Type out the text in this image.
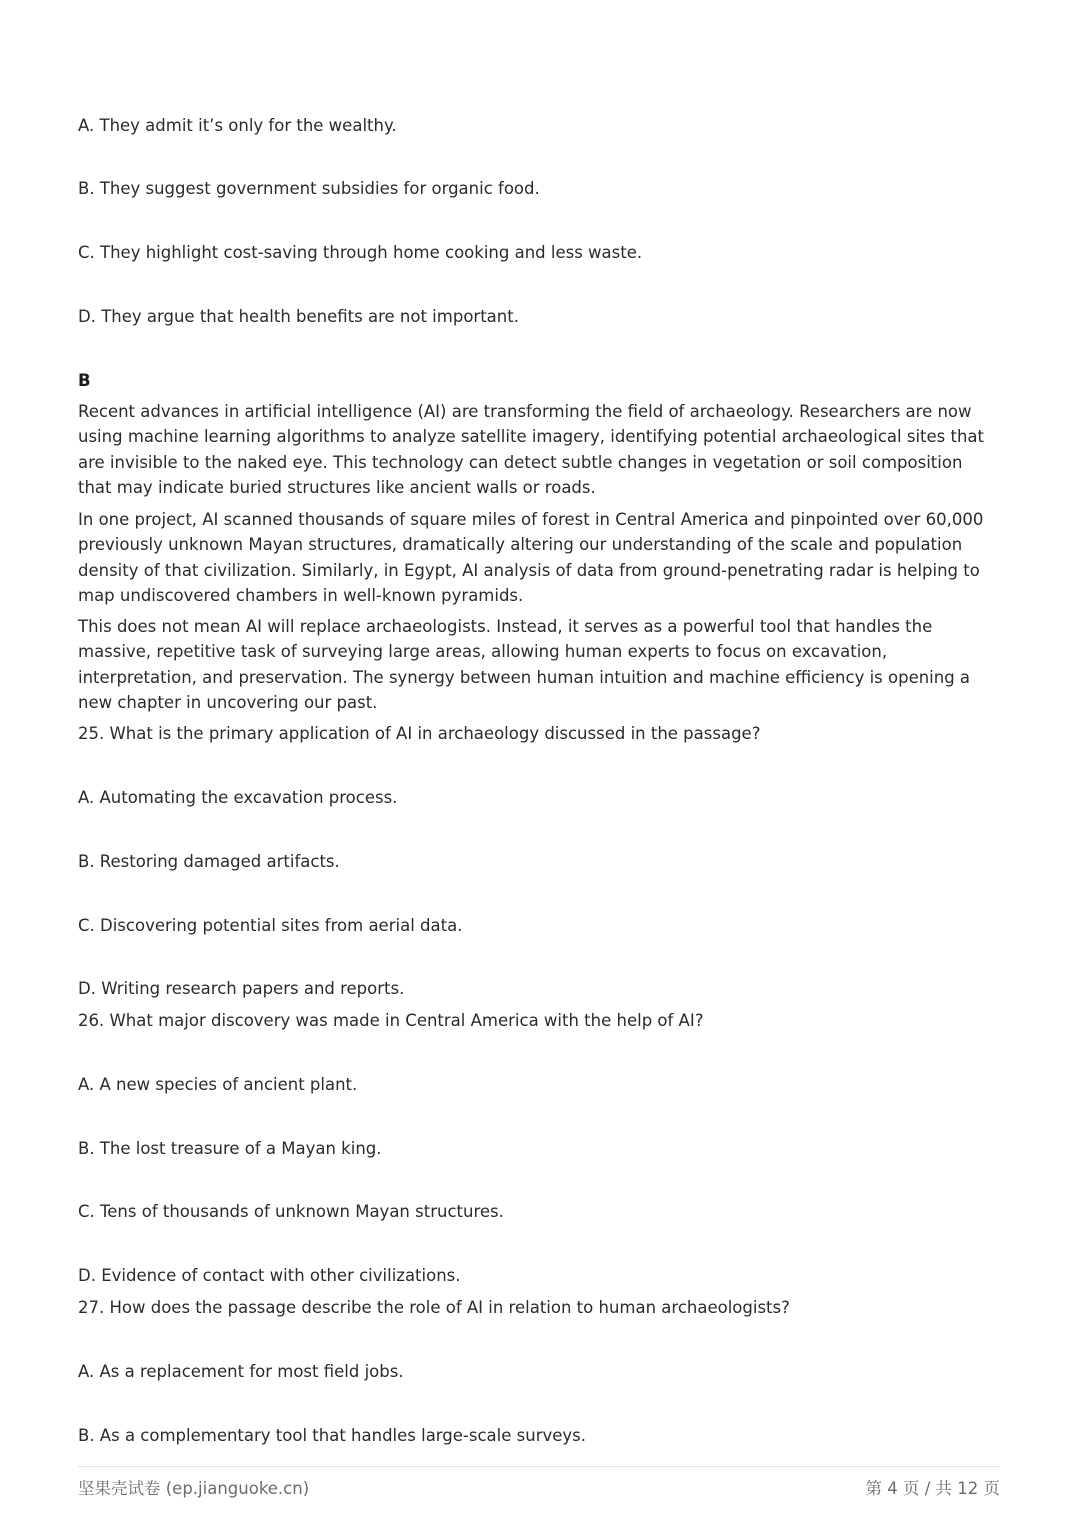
A. They admit it’s only for the wealthy.
B. They suggest government subsidies for organic food.
C. They highlight cost-saving through home cooking and less waste.
D. They argue that health benefits are not important.
B
Recent advances in artificial intelligence (AI) are transforming the field of archaeology. Researchers are now using machine learning algorithms to analyze satellite imagery, identifying potential archaeological sites that are invisible to the naked eye. This technology can detect subtle changes in vegetation or soil composition that may indicate buried structures like ancient walls or roads.
In one project, AI scanned thousands of square miles of forest in Central America and pinpointed over 60,000 previously unknown Mayan structures, dramatically altering our understanding of the scale and population density of that civilization. Similarly, in Egypt, AI analysis of data from ground-penetrating radar is helping to map undiscovered chambers in well-known pyramids.
This does not mean AI will replace archaeologists. Instead, it serves as a powerful tool that handles the massive, repetitive task of surveying large areas, allowing human experts to focus on excavation, interpretation, and preservation. The synergy between human intuition and machine efficiency is opening a new chapter in uncovering our past.
25. What is the primary application of AI in archaeology discussed in the passage?
A. Automating the excavation process.
B. Restoring damaged artifacts.
C. Discovering potential sites from aerial data.
D. Writing research papers and reports.
26. What major discovery was made in Central America with the help of AI?
A. A new species of ancient plant.
B. The lost treasure of a Mayan king.
C. Tens of thousands of unknown Mayan structures.
D. Evidence of contact with other civilizations.
27. How does the passage describe the role of AI in relation to human archaeologists?
A. As a replacement for most field jobs.
B. As a complementary tool that handles large-scale surveys.
坚果壳试卷 (ep.jianguoke.cn)	第 4 页 / 共 12 页
